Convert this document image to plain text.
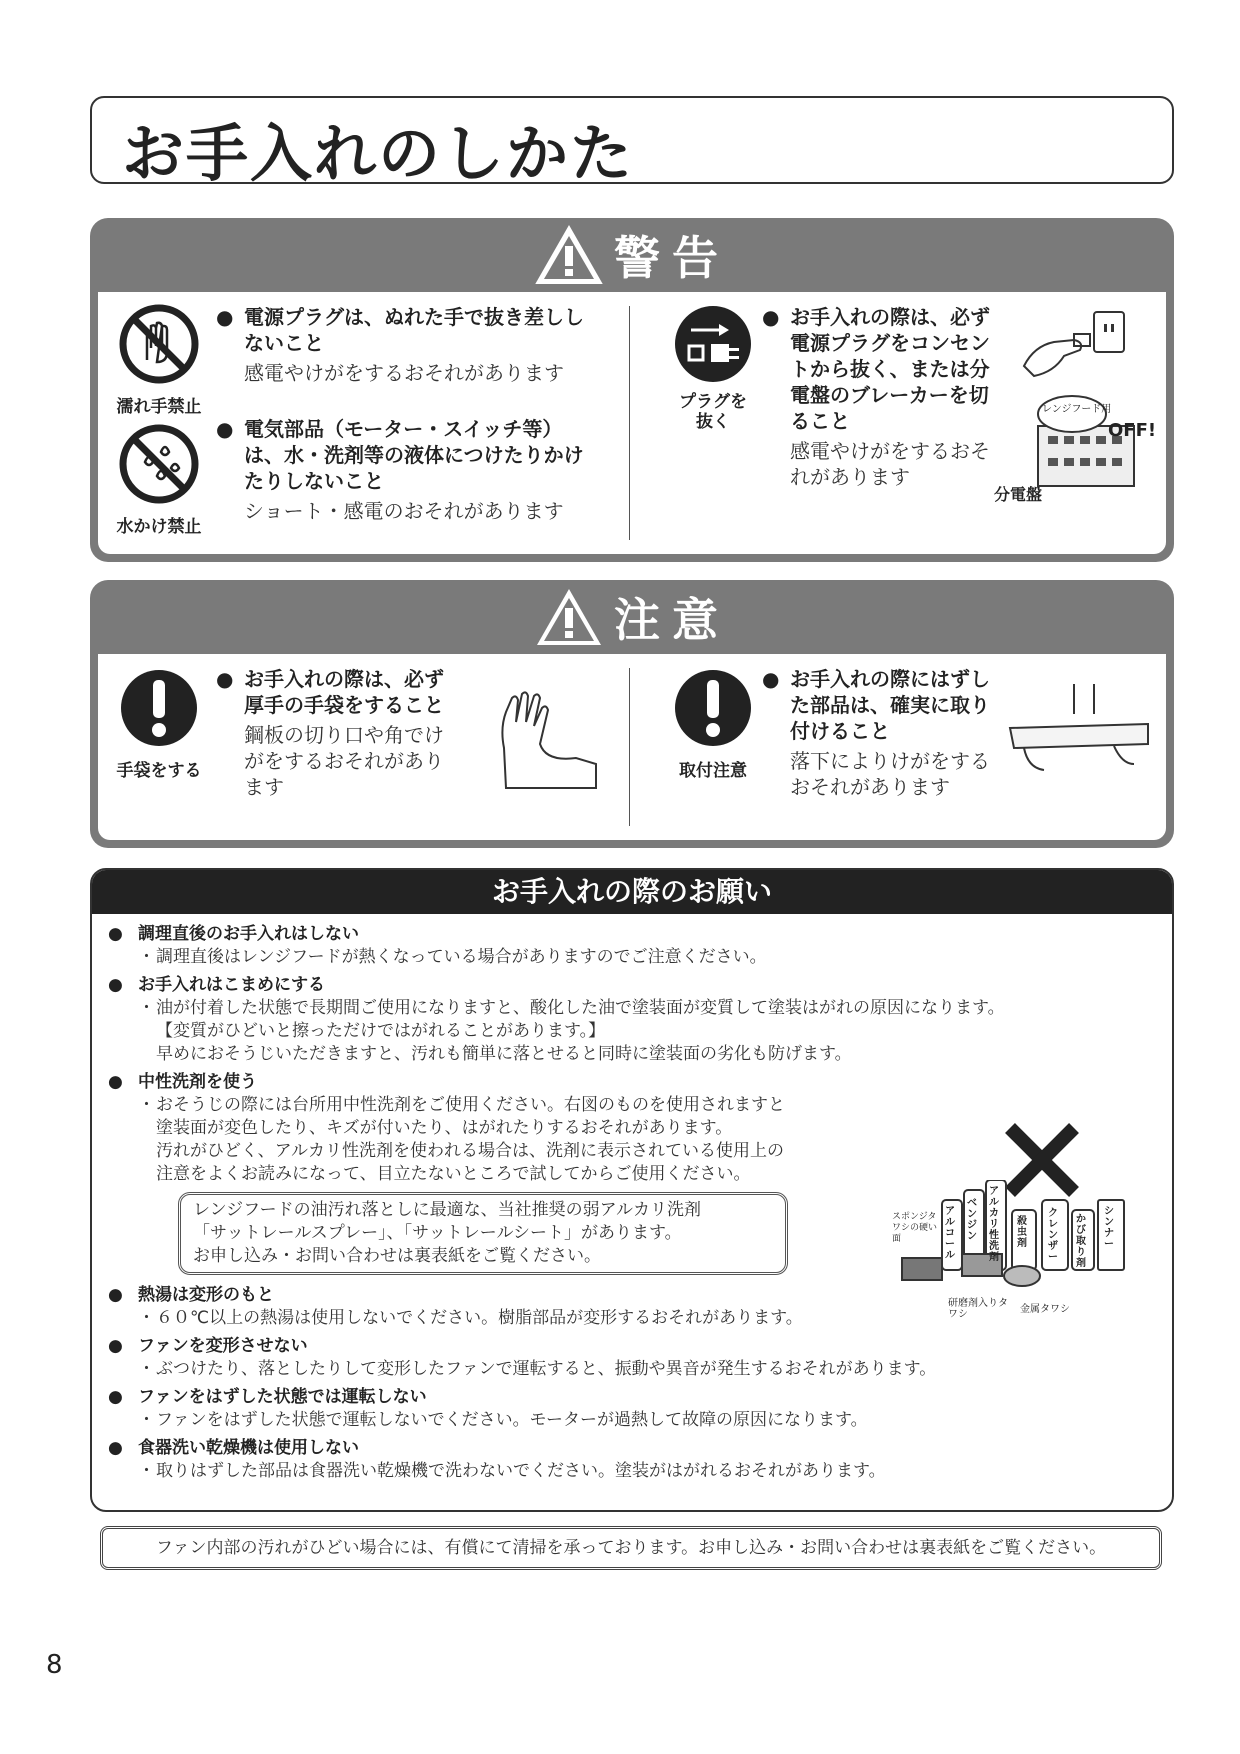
お手入れのしかた
警告
濡れ手禁止
水かけ禁止
● 電源プラグは、ぬれた手で抜き差ししないこと
感電やけがをするおそれがあります
● 電気部品（モーター・スイッチ等）は、水・洗剤等の液体につけたりかけたりしないこと
ショート・感電のおそれがあります
プラグを
抜く
● お手入れの際は、必ず電源プラグをコンセントから抜く、または分電盤のブレーカーを切ること
感電やけがをするおそれがあります
レンジフード用
OFF!
分電盤
注意
手袋をする
● お手入れの際は、必ず厚手の手袋をすること
鋼板の切り口や角でけがをするおそれがあります
取付注意
● お手入れの際にはずした部品は、確実に取り付けること
落下によりけがをするおそれがあります
お手入れの際のお願い
● 調理直後のお手入れはしない
・ 調理直後はレンジフードが熱くなっている場合がありますのでご注意ください。
● お手入れはこまめにする
・ 油が付着した状態で長期間ご使用になりますと、酸化した油で塗装面が変質して塗装はがれの原因になります。
【変質がひどいと擦っただけではがれることがあります。】
早めにおそうじいただきますと、汚れも簡単に落とせると同時に塗装面の劣化も防げます。
● 中性洗剤を使う
・ おそうじの際には台所用中性洗剤をご使用ください。右図のものを使用されますと
塗装面が変色したり、キズが付いたり、はがれたりするおそれがあります。
汚れがひどく、アルカリ性洗剤を使われる場合は、洗剤に表示されている使用上の
注意をよくお読みになって、目立たないところで試してからご使用ください。
レンジフードの油汚れ落としに最適な、当社推奨の弱アルカリ洗剤
「サットレールスプレー」、「サットレールシート」があります。
お申し込み・お問い合わせは裏表紙をご覧ください。
● 熱湯は変形のもと
・ ６０℃以上の熱湯は使用しないでください。樹脂部品が変形するおそれがあります。
● ファンを変形させない
・ ぶつけたり、落としたりして変形したファンで運転すると、振動や異音が発生するおそれがあります。
● ファンをはずした状態では運転しない
・ ファンをはずした状態で運転しないでください。モーターが過熱して故障の原因になります。
● 食器洗い乾燥機は使用しない
・ 取りはずした部品は食器洗い乾燥機で洗わないでください。塗装がはがれるおそれがあります。
スポンジタワシの硬い面
アルコール
ベンジン
アルカリ性洗剤
殺虫剤
クレンザー
かび取り剤
シンナー
研磨剤入りタワシ	金属タワシ
ファン内部の汚れがひどい場合には、有償にて清掃を承っております。お申し込み・お問い合わせは裏表紙をご覧ください。
8
